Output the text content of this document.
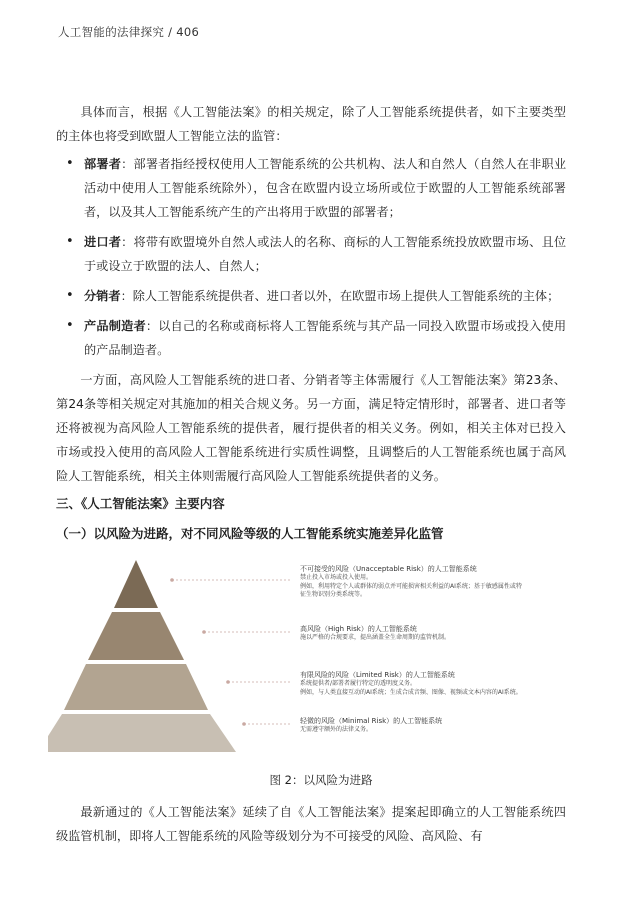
人工智能的法律探究 / 406

具体而言，根据《人工智能法案》的相关规定，除了人工智能系统提供者，如下主要类型的主体也将受到欧盟人工智能立法的监管：

• 部署者：部署者指经授权使用人工智能系统的公共机构、法人和自然人（自然人在非职业活动中使用人工智能系统除外），包含在欧盟内设立场所或位于欧盟的人工智能系统部署者，以及其人工智能系统产生的产出将用于欧盟的部署者；
• 进口者：将带有欧盟境外自然人或法人的名称、商标的人工智能系统投放欧盟市场、且位于或设立于欧盟的法人、自然人；
• 分销者：除人工智能系统提供者、进口者以外，在欧盟市场上提供人工智能系统的主体；
• 产品制造者：以自己的名称或商标将人工智能系统与其产品一同投入欧盟市场或投入使用的产品制造者。

一方面，高风险人工智能系统的进口者、分销者等主体需履行《人工智能法案》第23条、第24条等相关规定对其施加的相关合规义务。另一方面，满足特定情形时，部署者、进口者等还将被视为高风险人工智能系统的提供者，履行提供者的相关义务。例如，相关主体对已投入市场或投入使用的高风险人工智能系统进行实质性调整，且调整后的人工智能系统也属于高风险人工智能系统，相关主体则需履行高风险人工智能系统提供者的义务。

三、《人工智能法案》主要内容
（一）以风险为进路，对不同风险等级的人工智能系统实施差异化监管
不可接受的风险（Unacceptable Risk）的人工智能系统
禁止投入市场或投入使用。
例如，利用特定个人或群体的弱点并可能损害相关利益的AI系统；基于敏感属性或特
征生物识别分类系统等。
高风险（High Risk）的人工智能系统
施以严格的合规要求，提出涵盖全生命周期的监管机制。
有限风险的风险（Limited Risk）的人工智能系统
系统提供者/部署者履行特定的透明度义务。
例如，与人类直接互动的AI系统；生成合成音频、图像、视频或文本内容的AI系统。
轻微的风险（Minimal Risk）的人工智能系统
无需遵守额外的法律义务。
图 2：以风险为进路

最新通过的《人工智能法案》延续了自《人工智能法案》提案起即确立的人工智能系统四级监管机制，即将人工智能系统的风险等级划分为不可接受的风险、高风险、有
